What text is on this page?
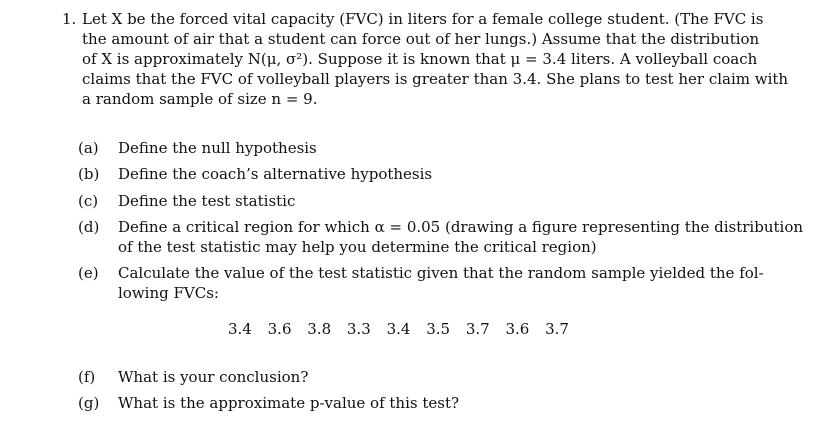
1. Let X be the forced vital capacity (FVC) in liters for a female college student. (The FVC is
the amount of air that a student can force out of her lungs.) Assume that the distribution
of X is approximately N(μ, σ²). Suppose it is known that μ = 3.4 liters. A volleyball coach
claims that the FVC of volleyball players is greater than 3.4. She plans to test her claim with
a random sample of size n = 9.
(a) Define the null hypothesis
(b) Define the coach’s alternative hypothesis
(c) Define the test statistic
(d) Define a critical region for which α = 0.05 (drawing a figure representing the distribution
of the test statistic may help you determine the critical region)
(e) Calculate the value of the test statistic given that the random sample yielded the fol-
lowing FVCs:
(f) What is your conclusion?
(g) What is the approximate p-value of this test?
3.4 3.6 3.8 3.3 3.4 3.5 3.7 3.6 3.7
